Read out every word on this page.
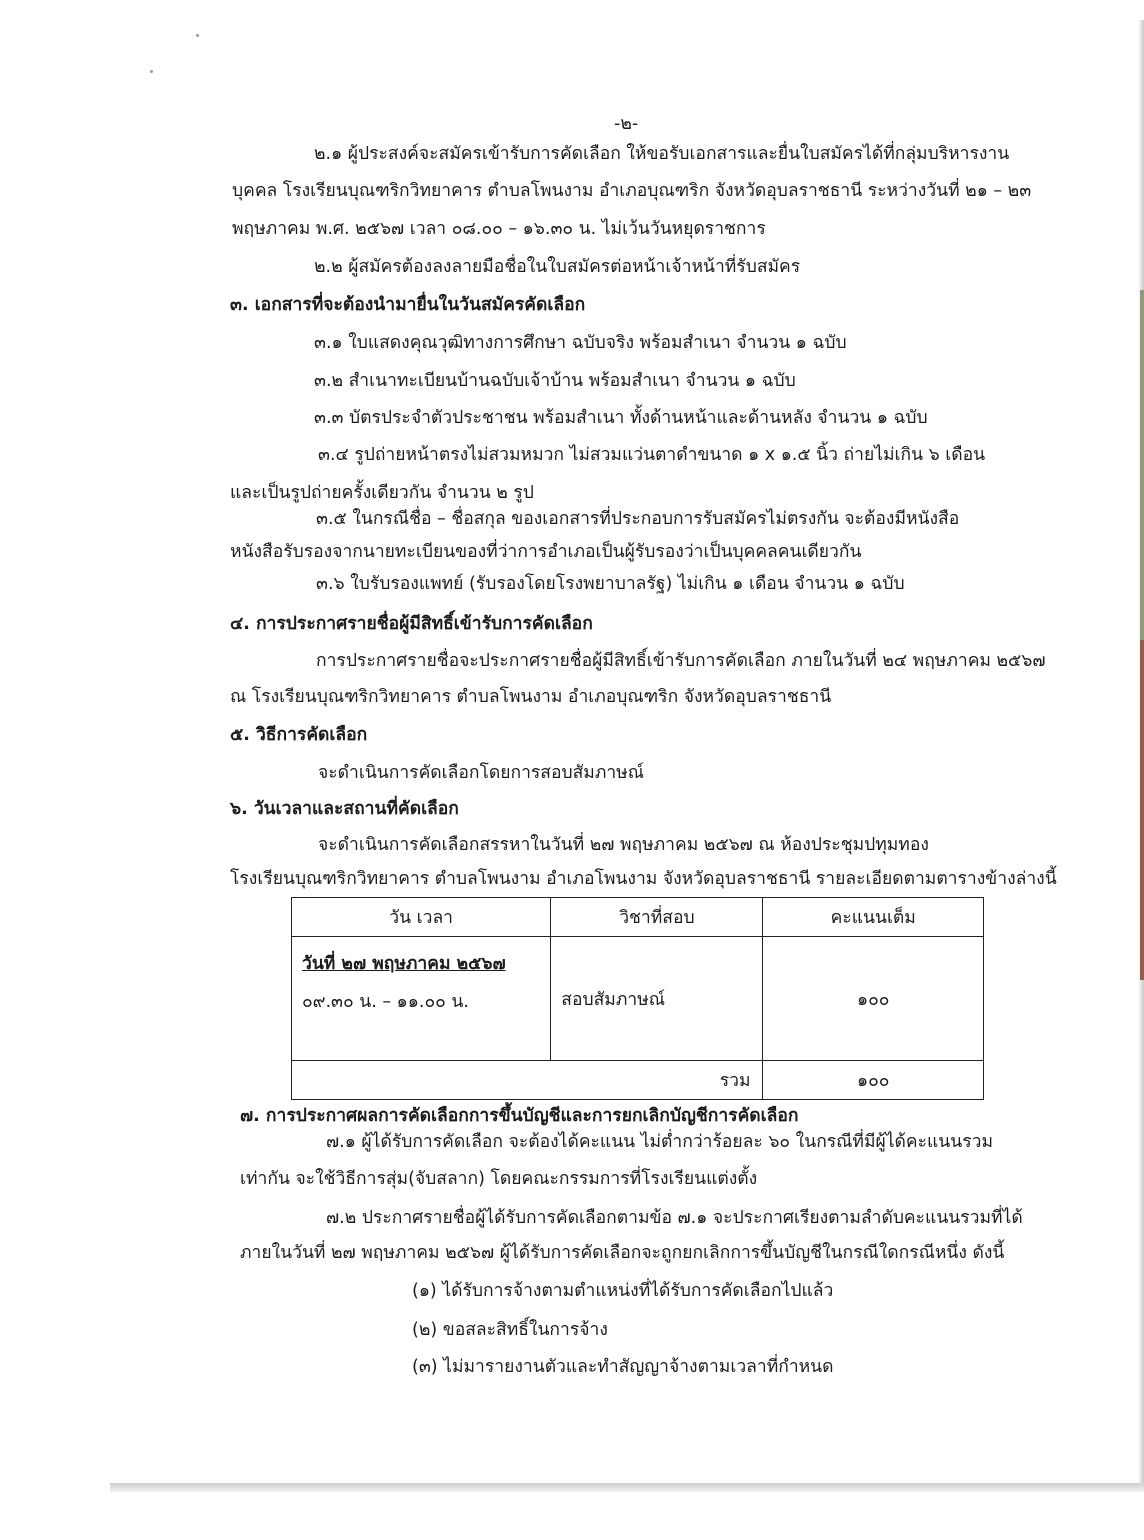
-๒-
๒.๑ ผู้ประสงค์จะสมัครเข้ารับการคัดเลือก ให้ขอรับเอกสารและยื่นใบสมัครได้ที่กลุ่มบริหารงาน
บุคคล โรงเรียนบุณฑริกวิทยาคาร ตำบลโพนงาม อำเภอบุณฑริก จังหวัดอุบลราชธานี ระหว่างวันที่ ๒๑ – ๒๓
พฤษภาคม พ.ศ. ๒๕๖๗ เวลา ๐๘.๐๐ – ๑๖.๓๐ น. ไม่เว้นวันหยุดราชการ
๒.๒ ผู้สมัครต้องลงลายมือชื่อในใบสมัครต่อหน้าเจ้าหน้าที่รับสมัคร
๓. เอกสารที่จะต้องนำมายื่นในวันสมัครคัดเลือก
๓.๑ ใบแสดงคุณวุฒิทางการศึกษา ฉบับจริง พร้อมสำเนา จำนวน ๑ ฉบับ
๓.๒ สำเนาทะเบียนบ้านฉบับเจ้าบ้าน พร้อมสำเนา จำนวน ๑ ฉบับ
๓.๓ บัตรประจำตัวประชาชน พร้อมสำเนา ทั้งด้านหน้าและด้านหลัง จำนวน ๑ ฉบับ
๓.๔ รูปถ่ายหน้าตรงไม่สวมหมวก ไม่สวมแว่นตาดำขนาด ๑ x ๑.๕ นิ้ว ถ่ายไม่เกิน ๖ เดือน
และเป็นรูปถ่ายครั้งเดียวกัน จำนวน ๒ รูป
๓.๕ ในกรณีชื่อ – ชื่อสกุล ของเอกสารที่ประกอบการรับสมัครไม่ตรงกัน จะต้องมีหนังสือ
หนังสือรับรองจากนายทะเบียนของที่ว่าการอำเภอเป็นผู้รับรองว่าเป็นบุคคลคนเดียวกัน
๓.๖ ใบรับรองแพทย์ (รับรองโดยโรงพยาบาลรัฐ) ไม่เกิน ๑ เดือน จำนวน ๑ ฉบับ
๔. การประกาศรายชื่อผู้มีสิทธิ์เข้ารับการคัดเลือก
การประกาศรายชื่อจะประกาศรายชื่อผู้มีสิทธิ์เข้ารับการคัดเลือก ภายในวันที่ ๒๔ พฤษภาคม ๒๕๖๗
ณ โรงเรียนบุณฑริกวิทยาคาร ตำบลโพนงาม อำเภอบุณฑริก จังหวัดอุบลราชธานี
๕. วิธีการคัดเลือก
จะดำเนินการคัดเลือกโดยการสอบสัมภาษณ์
๖. วันเวลาและสถานที่คัดเลือก
จะดำเนินการคัดเลือกสรรหาในวันที่ ๒๗ พฤษภาคม ๒๕๖๗ ณ ห้องประชุมปทุมทอง
โรงเรียนบุณฑริกวิทยาคาร ตำบลโพนงาม อำเภอโพนงาม จังหวัดอุบลราชธานี รายละเอียดตามตารางข้างล่างนี้
วัน เวลา	วิชาที่สอบ	คะแนนเต็ม

วันที่ ๒๗ พฤษภาคม ๒๕๖๗
๐๙.๓๐ น. – ๑๑.๐๐ น.	สอบสัมภาษณ์	๑๐๐
รวม		๑๐๐
๗. การประกาศผลการคัดเลือกการขึ้นบัญชีและการยกเลิกบัญชีการคัดเลือก
๗.๑ ผู้ได้รับการคัดเลือก จะต้องได้คะแนน ไม่ต่ำกว่าร้อยละ ๖๐ ในกรณีที่มีผู้ได้คะแนนรวม
เท่ากัน จะใช้วิธีการสุ่ม(จับสลาก) โดยคณะกรรมการที่โรงเรียนแต่งตั้ง
๗.๒ ประกาศรายชื่อผู้ได้รับการคัดเลือกตามข้อ ๗.๑ จะประกาศเรียงตามลำดับคะแนนรวมที่ได้
ภายในวันที่ ๒๗ พฤษภาคม ๒๕๖๗ ผู้ได้รับการคัดเลือกจะถูกยกเลิกการขึ้นบัญชีในกรณีใดกรณีหนึ่ง ดังนี้
(๑) ได้รับการจ้างตามตำแหน่งที่ได้รับการคัดเลือกไปแล้ว
(๒) ขอสละสิทธิ์ในการจ้าง
(๓) ไม่มารายงานตัวและทำสัญญาจ้างตามเวลาที่กำหนด
